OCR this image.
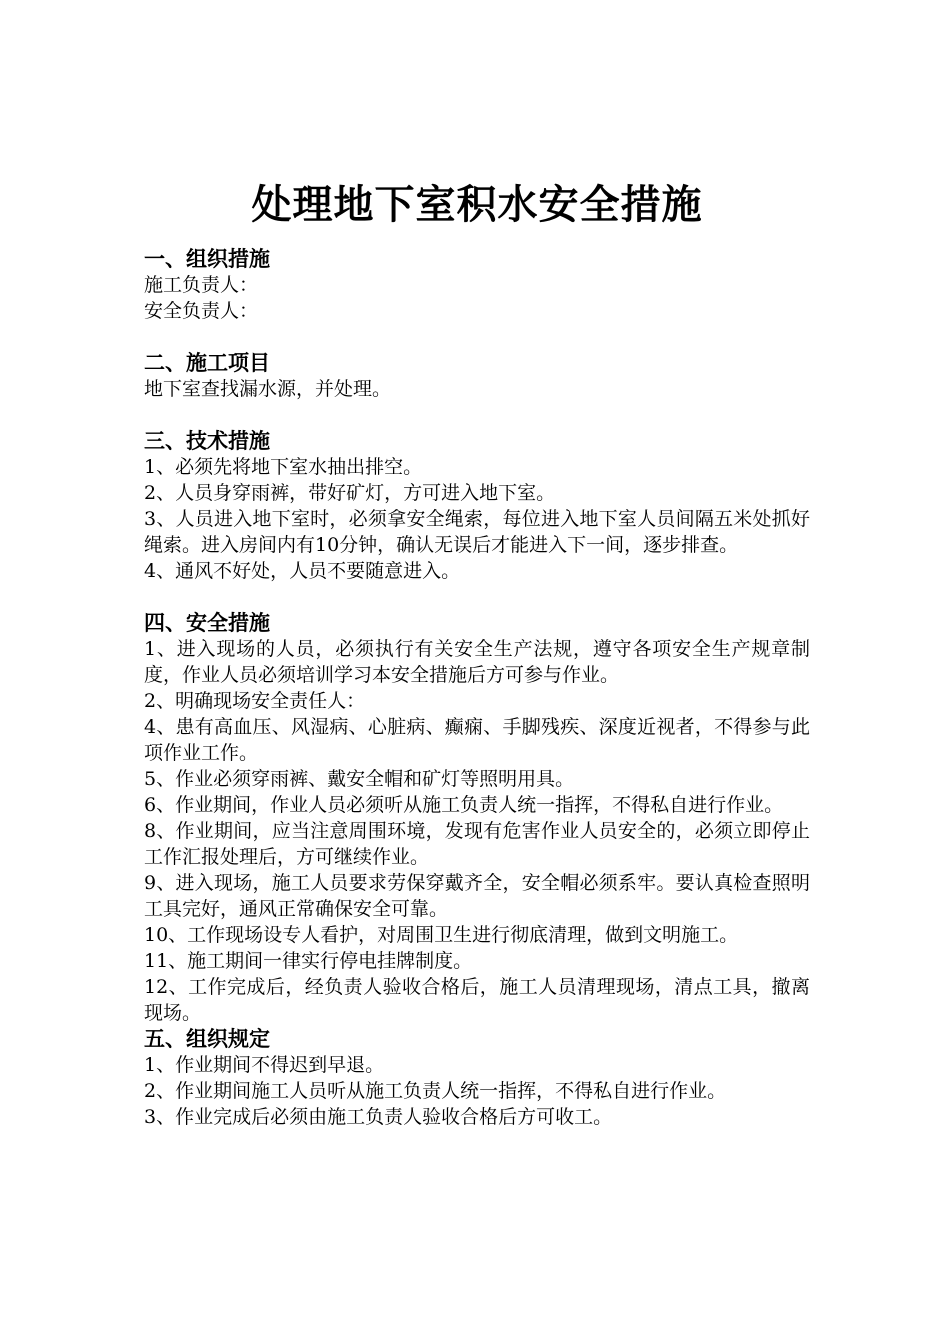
处理地下室积水安全措施

一、组织措施

施工负责人：

安全负责人：

二、施工项目

地下室查找漏水源，并处理。

三、技术措施

1、必须先将地下室水抽出排空。

2、人员身穿雨裤，带好矿灯，方可进入地下室。

3、人员进入地下室时，必须拿安全绳索，每位进入地下室人员间隔五米处抓好绳索。进入房间内有10分钟，确认无误后才能进入下一间，逐步排查。

4、通风不好处，人员不要随意进入。

四、安全措施

1、进入现场的人员，必须执行有关安全生产法规，遵守各项安全生产规章制度，作业人员必须培训学习本安全措施后方可参与作业。

2、明确现场安全责任人：

4、患有高血压、风湿病、心脏病、癫痫、手脚残疾、深度近视者，不得参与此项作业工作。

5、作业必须穿雨裤、戴安全帽和矿灯等照明用具。

6、作业期间，作业人员必须听从施工负责人统一指挥，不得私自进行作业。

8、作业期间，应当注意周围环境，发现有危害作业人员安全的，必须立即停止工作汇报处理后，方可继续作业。

9、进入现场，施工人员要求劳保穿戴齐全，安全帽必须系牢。要认真检查照明工具完好，通风正常确保安全可靠。

10、工作现场设专人看护，对周围卫生进行彻底清理，做到文明施工。

11、施工期间一律实行停电挂牌制度。

12、工作完成后，经负责人验收合格后，施工人员清理现场，清点工具，撤离现场。

五、组织规定

1、作业期间不得迟到早退。

2、作业期间施工人员听从施工负责人统一指挥，不得私自进行作业。

3、作业完成后必须由施工负责人验收合格后方可收工。
